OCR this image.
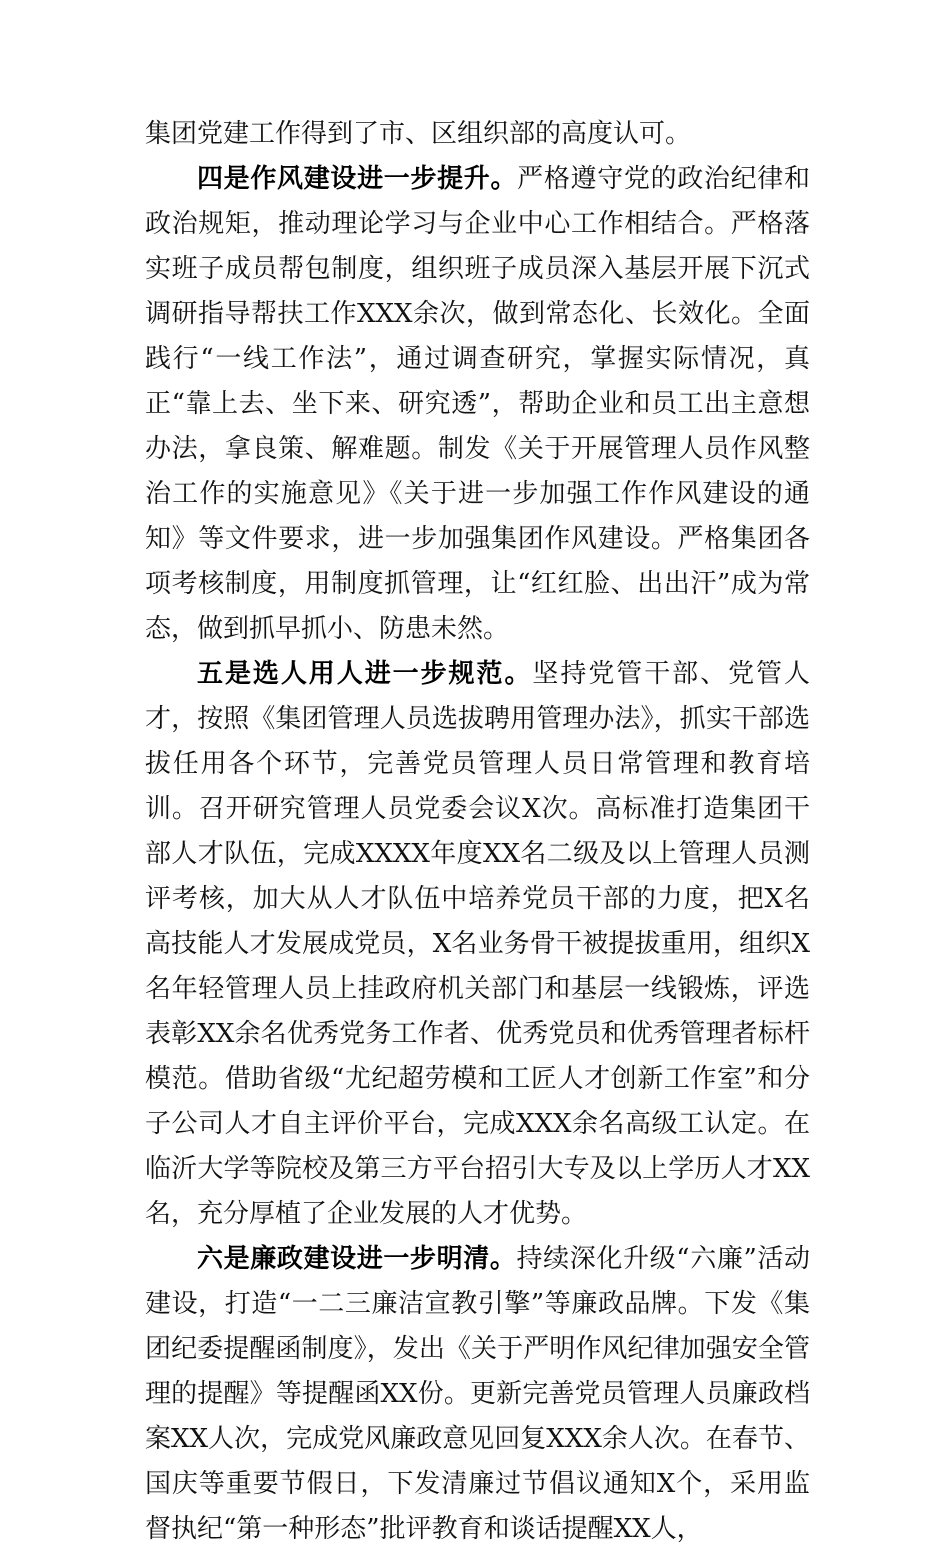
集团党建工作得到了市、区组织部的高度认可。

四是作风建设进一步提升。严格遵守党的政治纪律和政治规矩，推动理论学习与企业中心工作相结合。严格落实班子成员帮包制度，组织班子成员深入基层开展下沉式调研指导帮扶工作XXX余次，做到常态化、长效化。全面践行“一线工作法”，通过调查研究，掌握实际情况，真正“靠上去、坐下来、研究透”，帮助企业和员工出主意想办法，拿良策、解难题。制发《关于开展管理人员作风整治工作的实施意见》《关于进一步加强工作作风建设的通知》等文件要求，进一步加强集团作风建设。严格集团各项考核制度，用制度抓管理，让“红红脸、出出汗”成为常态，做到抓早抓小、防患未然。

五是选人用人进一步规范。坚持党管干部、党管人才，按照《集团管理人员选拔聘用管理办法》，抓实干部选拔任用各个环节，完善党员管理人员日常管理和教育培训。召开研究管理人员党委会议X次。高标准打造集团干部人才队伍，完成XXXX年度XX名二级及以上管理人员测评考核，加大从人才队伍中培养党员干部的力度，把X名高技能人才发展成党员，X名业务骨干被提拔重用，组织X名年轻管理人员上挂政府机关部门和基层一线锻炼，评选表彰XX余名优秀党务工作者、优秀党员和优秀管理者标杆模范。借助省级“尤纪超劳模和工匠人才创新工作室”和分子公司人才自主评价平台，完成XXX余名高级工认定。在临沂大学等院校及第三方平台招引大专及以上学历人才XX名，充分厚植了企业发展的人才优势。

六是廉政建设进一步明清。持续深化升级“六廉”活动建设，打造“一二三廉洁宣教引擎”等廉政品牌。下发《集团纪委提醒函制度》，发出《关于严明作风纪律加强安全管理的提醒》等提醒函XX份。更新完善党员管理人员廉政档案XX人次，完成党风廉政意见回复XXX余人次。在春节、国庆等重要节假日，下发清廉过节倡议通知X个，采用监督执纪“第一种形态”批评教育和谈话提醒XX人，
